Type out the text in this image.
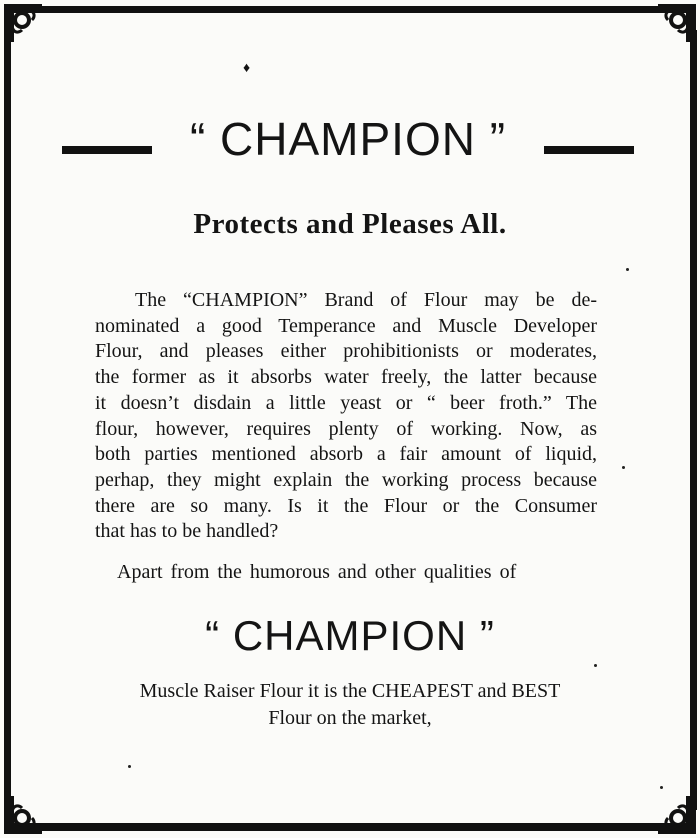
♦
“ CHAMPION ”
Protects and Pleases All.

The “CHAMPION” Brand of Flour may be de-
nominated a good Temperance and Muscle Developer
Flour, and pleases either prohibitionists or moderates,
the former as it absorbs water freely, the latter because
it doesn’t disdain a little yeast or “ beer froth.” The
flour, however, requires plenty of working. Now, as
both parties mentioned absorb a fair amount of liquid,
perhap, they might explain the working process because
there are so many. Is it the Flour or the Consumer
that has to be handled?

Apart from the humorous and other qualities of
“ CHAMPION ”
Muscle Raiser Flour it is the CHEAPEST and BEST
Flour on the market,
